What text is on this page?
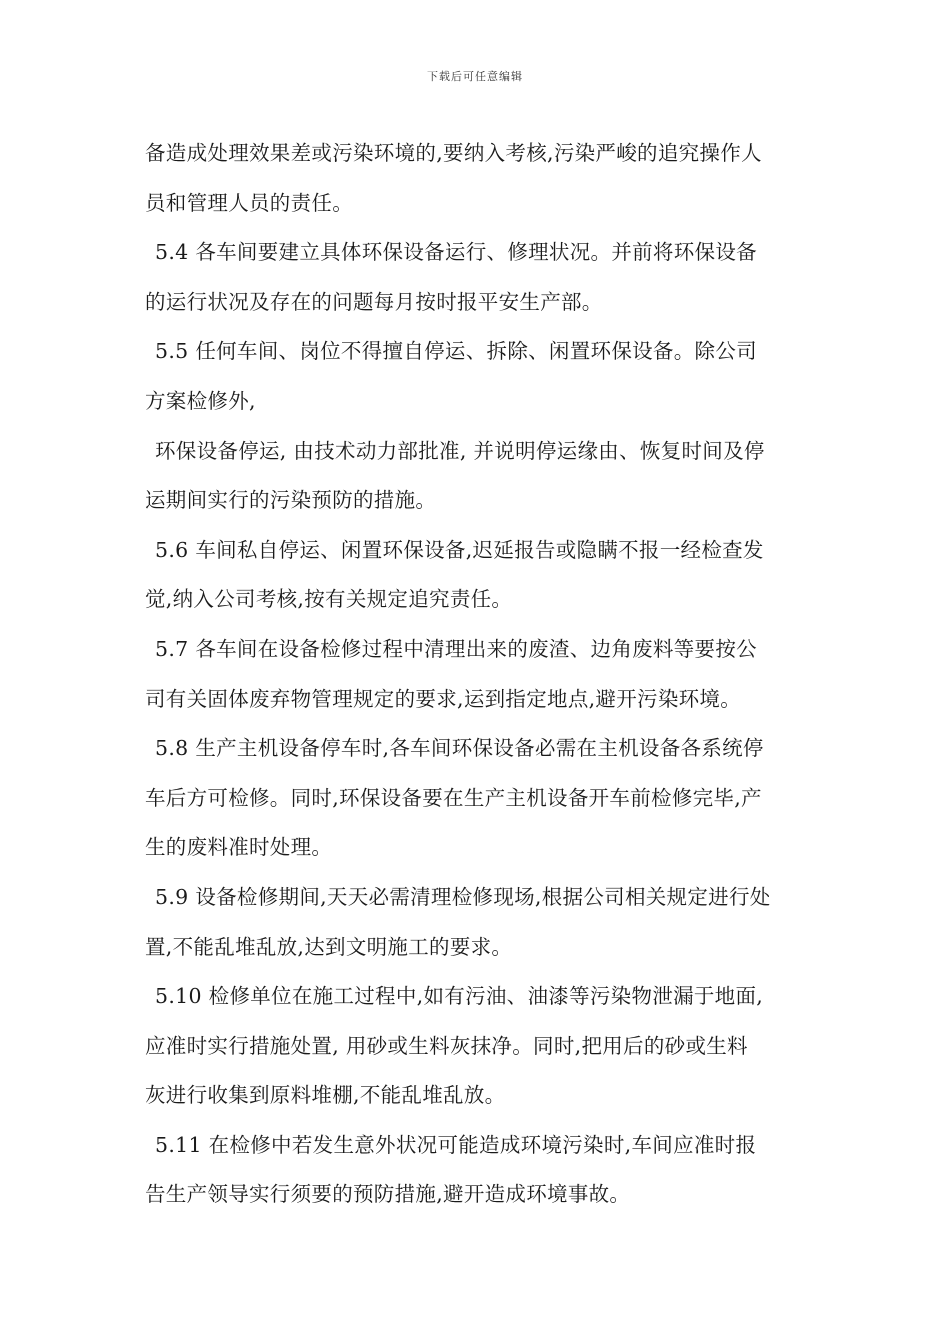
下载后可任意编辑
备造成处理效果差或污染环境的,要纳入考核,污染严峻的追究操作人
员和管理人员的责任。
5.4 各车间要建立具体环保设备运行、修理状况。并前将环保设备
的运行状况及存在的问题每月按时报平安生产部。
5.5 任何车间、岗位不得擅自停运、拆除、闲置环保设备。除公司
方案检修外,
环保设备停运, 由技术动力部批准, 并说明停运缘由、恢复时间及停
运期间实行的污染预防的措施。
5.6 车间私自停运、闲置环保设备,迟延报告或隐瞒不报一经检查发
觉,纳入公司考核,按有关规定追究责任。
5.7 各车间在设备检修过程中清理出来的废渣、边角废料等要按公
司有关固体废弃物管理规定的要求,运到指定地点,避开污染环境。
5.8 生产主机设备停车时,各车间环保设备必需在主机设备各系统停
车后方可检修。同时,环保设备要在生产主机设备开车前检修完毕,产
生的废料准时处理。
5.9 设备检修期间,天天必需清理检修现场,根据公司相关规定进行处
置,不能乱堆乱放,达到文明施工的要求。
5.10 检修单位在施工过程中,如有污油、油漆等污染物泄漏于地面,
应准时实行措施处置, 用砂或生料灰抹净。同时,把用后的砂或生料
灰进行收集到原料堆棚,不能乱堆乱放。
5.11 在检修中若发生意外状况可能造成环境污染时,车间应准时报
告生产领导实行须要的预防措施,避开造成环境事故。
